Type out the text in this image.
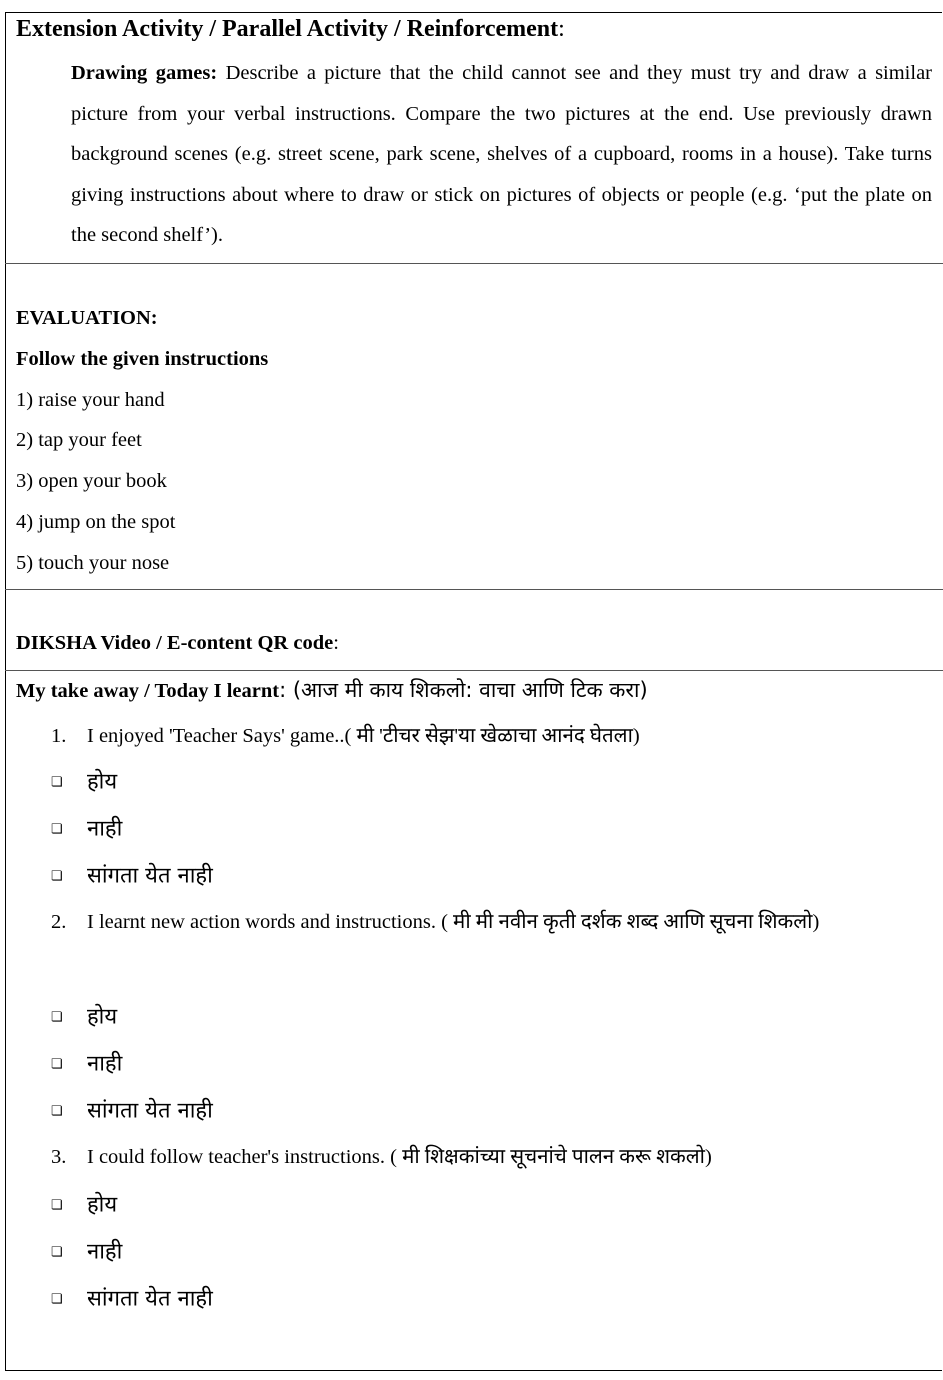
Extension Activity / Parallel Activity / Reinforcement:
Drawing games: Describe a picture that the child cannot see and they must try and draw a similar picture from your verbal instructions. Compare the two pictures at the end. Use previously drawn background scenes (e.g. street scene, park scene, shelves of a cupboard, rooms in a house). Take turns giving instructions about where to draw or stick on pictures of objects or people (e.g. ‘put the plate on the second shelf’).
EVALUATION:
Follow the given instructions
1) raise your hand
2) tap your feet
3) open your book
4) jump on the spot
5) touch your nose
DIKSHA Video / E-content QR code:
My take away / Today I learnt: (आज मी काय शिकलो: वाचा आणि टिक करा)
1. I enjoyed 'Teacher Says' game..( मी 'टीचर सेझ'या खेळाचा आनंद घेतला)
❏ होय
❏ नाही
❏ सांगता येत नाही
2. I learnt new action words and instructions. ( मी मी नवीन कृती दर्शक शब्द आणि सूचना शिकलो)
❏ होय
❏ नाही
❏ सांगता येत नाही
3. I could follow teacher's instructions. ( मी शिक्षकांच्या सूचनांचे पालन करू शकलो)
❏ होय
❏ नाही
❏ सांगता येत नाही
